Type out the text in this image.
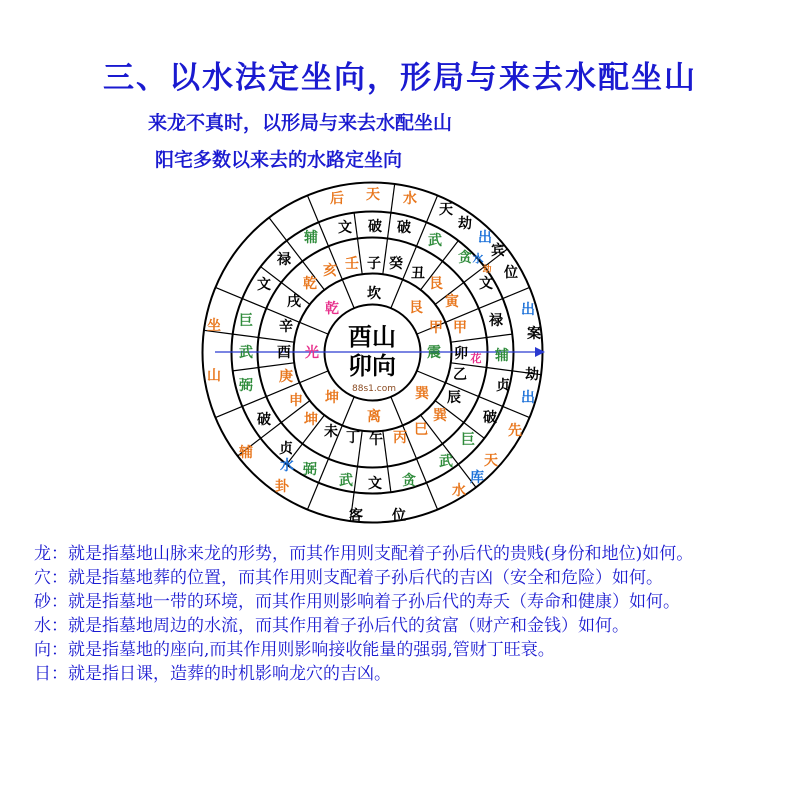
三、以水法定坐向，形局与来去水配坐山
来龙不真时，以形局与来去水配坐山
阳宅多数以来去的水路定坐向
后 天 水
天
劫
宾
位
出
案
劫
出
先
天
水
客 位
辅
卦
坐
山
文 破 破
武
贪
出
文
禄
辅
贞
破
巨
武
库
贪
文
武
弼
贞
水
破
弼
武
巨
文
禄
辅
水
劫
壬 子 癸
丑
艮
寅
甲
卯
乙
辰
巽
巳
丙
午
丁
未
坤
申
庚
酉
辛
戌
乾
亥
花
坎
艮
甲
震
巽
离
坤
光
乾
酉山
卯向
88s1.com

龙：就是指墓地山脉来龙的形势，而其作用则支配着子孙后代的贵贱(身份和地位)如何。

穴：就是指墓地葬的位置，而其作用则支配着子孙后代的吉凶（安全和危险）如何。

砂：就是指墓地一带的环境，而其作用则影响着子孙后代的寿夭（寿命和健康）如何。

水：就是指墓地周边的水流，而其作用着子孙后代的贫富（财产和金钱）如何。

向：就是指墓地的座向,而其作用则影响接收能量的强弱,管财丁旺衰。

日：就是指日课，造葬的时机影响龙穴的吉凶。
